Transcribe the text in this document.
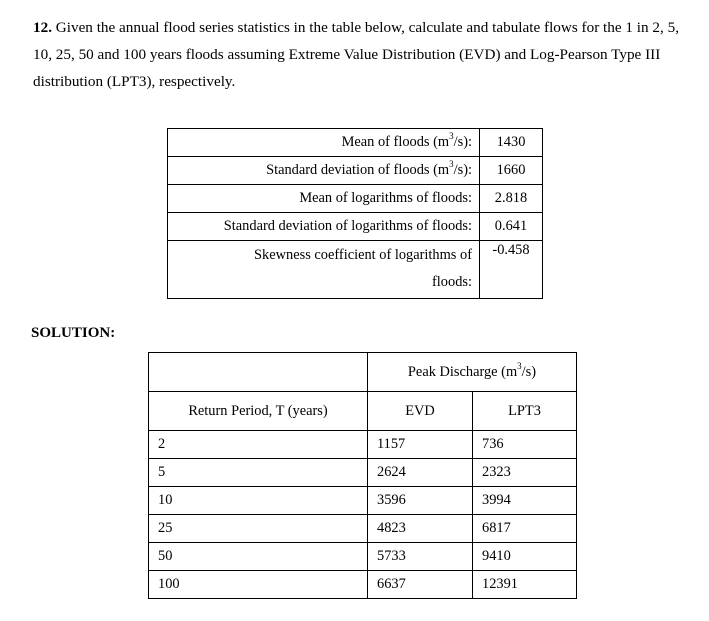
12. Given the annual flood series statistics in the table below, calculate and tabulate flows for the 1 in 2, 5, 10, 25, 50 and 100 years floods assuming Extreme Value Distribution (EVD) and Log-Pearson Type III distribution (LPT3), respectively.
Mean of floods $(m^3/s)$:	1430
Standard deviation of floods $(m^3/s)$:	1660
Mean of logarithms of floods:	2.818
Standard deviation of logarithms of floods:	0.641
Skewness coefficient of logarithms of
floods:	-0.458
SOLUTION:
	Peak Discharge $(m^3/s)$	
Return Period, T (years)	EVD	LPT3
2	1157	736
5	2624	2323
10	3596	3994
25	4823	6817
50	5733	9410
100	6637	12391
